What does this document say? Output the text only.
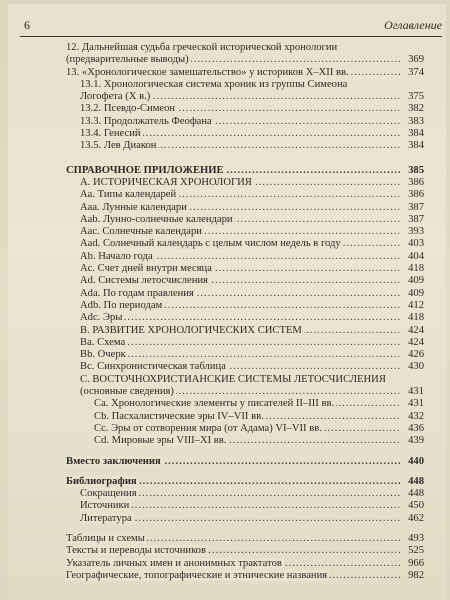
6	Оглавление
12. Дальнейшая судьба греческой исторической хронологии
(предварительные выводы) .....	369
13. «Хронологическое замешательство» у историков X–XII вв. .....	374
13.1. Хронологическая система хроник из группы Симеона
Логофета (X в.) .....	375
13.2. Псевдо-Симеон .....	382
13.3. Продолжатель Феофана .....	383
13.4. Генесий .....	384
13.5. Лев Диакон .....	384
СПРАВОЧНОЕ ПРИЛОЖЕНИЕ .....	385
A. ИСТОРИЧЕСКАЯ ХРОНОЛОГИЯ .....	386
Aa. Типы календарей .....	386
Aaa. Лунные календари .....	387
Aab. Лунно-солнечные календари .....	387
Aac. Солнечные календари .....	393
Aad. Солнечный календарь с целым числом недель в году .....	403
Ab. Начало года .....	404
Ac. Счет дней внутри месяца .....	418
Ad. Системы летосчисления .....	409
Ada. По годам правления .....	409
Adb. По периодам .....	412
Adc. Эры .....	418
B. РАЗВИТИЕ ХРОНОЛОГИЧЕСКИХ СИСТЕМ .....	424
Ba. Схема .....	424
Bb. Очерк .....	426
Bc. Синхронистическая таблица .....	430
C. ВОСТОЧНОХРИСТИАНСКИЕ СИСТЕМЫ ЛЕТОСЧИСЛЕНИЯ
(основные сведения) .....	431
Ca. Хронологические элементы у писателей II–III вв. .....	431
Cb. Пасхалистические эры IV–VII вв. .....	432
Cc. Эры от сотворения мира (от Адама) VI–VII вв. .....	436
Cd. Мировые эры VIII–XI вв. .....	439
Вместо заключения .....	440
Библиография .....	448
Сокращения .....	448
Источники .....	450
Литература .....	462
Таблицы и схемы .....	493
Тексты и переводы источников .....	525
Указатель личных имен и анонимных трактатов .....	966
Географические, топографические и этнические названия .....	982
